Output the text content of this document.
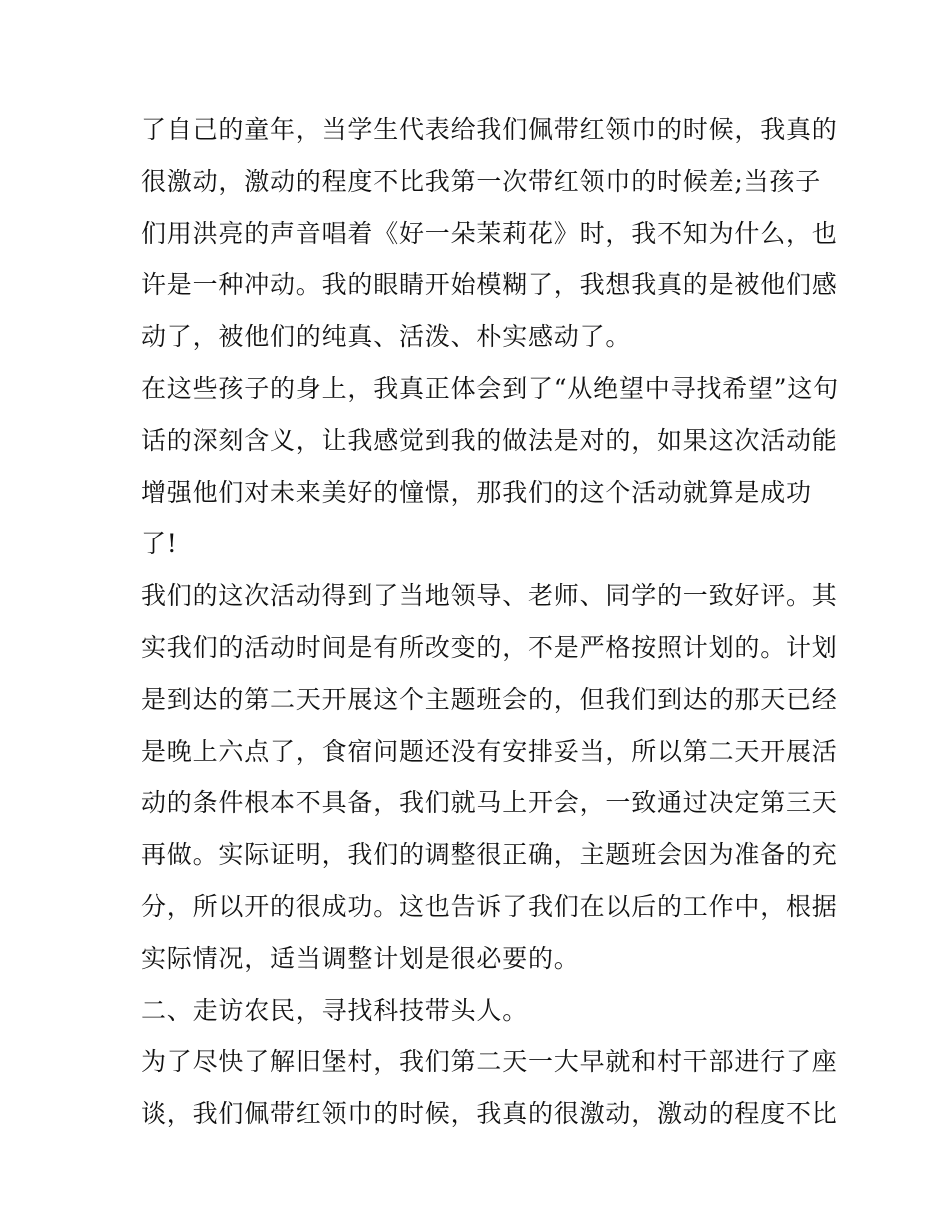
了自己的童年，当学生代表给我们佩带红领巾的时候，我真的
很激动，激动的程度不比我第一次带红领巾的时候差;当孩子
们用洪亮的声音唱着《好一朵茉莉花》时，我不知为什么，也
许是一种冲动。我的眼睛开始模糊了，我想我真的是被他们感
动了，被他们的纯真、活泼、朴实感动了。
在这些孩子的身上，我真正体会到了“从绝望中寻找希望”这句
话的深刻含义，让我感觉到我的做法是对的，如果这次活动能
增强他们对未来美好的憧憬，那我们的这个活动就算是成功
了!
我们的这次活动得到了当地领导、老师、同学的一致好评。其
实我们的活动时间是有所改变的，不是严格按照计划的。计划
是到达的第二天开展这个主题班会的，但我们到达的那天已经
是晚上六点了，食宿问题还没有安排妥当，所以第二天开展活
动的条件根本不具备，我们就马上开会，一致通过决定第三天
再做。实际证明，我们的调整很正确，主题班会因为准备的充
分，所以开的很成功。这也告诉了我们在以后的工作中，根据
实际情况，适当调整计划是很必要的。
二、走访农民，寻找科技带头人。
为了尽快了解旧堡村，我们第二天一大早就和村干部进行了座
谈，我们佩带红领巾的时候，我真的很激动，激动的程度不比
